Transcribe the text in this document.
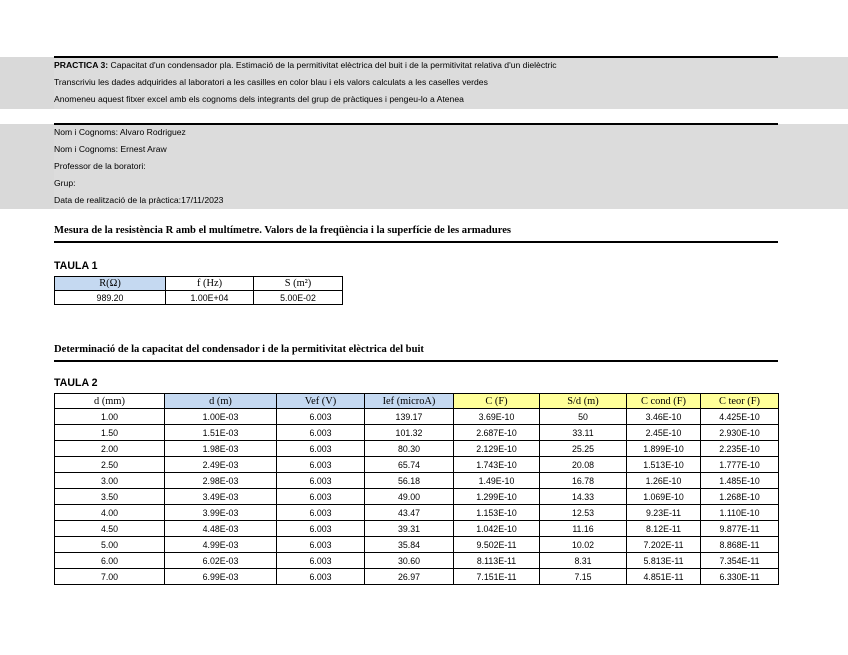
PRACTICA 3: Capacitat d'un condensador pla. Estimació de la permitivitat elèctrica del buit i de la permitivitat relativa d'un dielèctric
Transcriviu les dades adquirides al laboratori a les casilles en color blau i els valors calculats a les caselles verdes
Anomeneu aquest fitxer excel amb els cognoms dels integrants del grup de pràctiques i pengeu-lo a Atenea
Nom i Cognoms: Alvaro Rodriguez
Nom i Cognoms: Ernest Araw
Professor de la boratori:
Grup:
Data de realització de la pràctica:17/11/2023
Mesura de la resistència R amb el multímetre. Valors de la freqüència i la superfície de les armadures
TAULA 1
R(Ω)	f (Hz)	S (m²)
989.20	1.00E+04	5.00E-02
Determinació de la capacitat del condensador i de la permitivitat elèctrica del buit
TAULA 2
d (mm)	d (m)	Vef (V)	Ief (microA)	C (F)	S/d (m)	C cond (F)	C teor (F)
1.00	1.00E-03	6.003	139.17	3.69E-10	50	3.46E-10	4.425E-10
1.50	1.51E-03	6.003	101.32	2.687E-10	33.11	2.45E-10	2.930E-10
2.00	1.98E-03	6.003	80.30	2.129E-10	25.25	1.899E-10	2.235E-10
2.50	2.49E-03	6.003	65.74	1.743E-10	20.08	1.513E-10	1.777E-10
3.00	2.98E-03	6.003	56.18	1.49E-10	16.78	1.26E-10	1.485E-10
3.50	3.49E-03	6.003	49.00	1.299E-10	14.33	1.069E-10	1.268E-10
4.00	3.99E-03	6.003	43.47	1.153E-10	12.53	9.23E-11	1.110E-10
4.50	4.48E-03	6.003	39.31	1.042E-10	11.16	8.12E-11	9.877E-11
5.00	4.99E-03	6.003	35.84	9.502E-11	10.02	7.202E-11	8.868E-11
6.00	6.02E-03	6.003	30.60	8.113E-11	8.31	5.813E-11	7.354E-11
7.00	6.99E-03	6.003	26.97	7.151E-11	7.15	4.851E-11	6.330E-11
